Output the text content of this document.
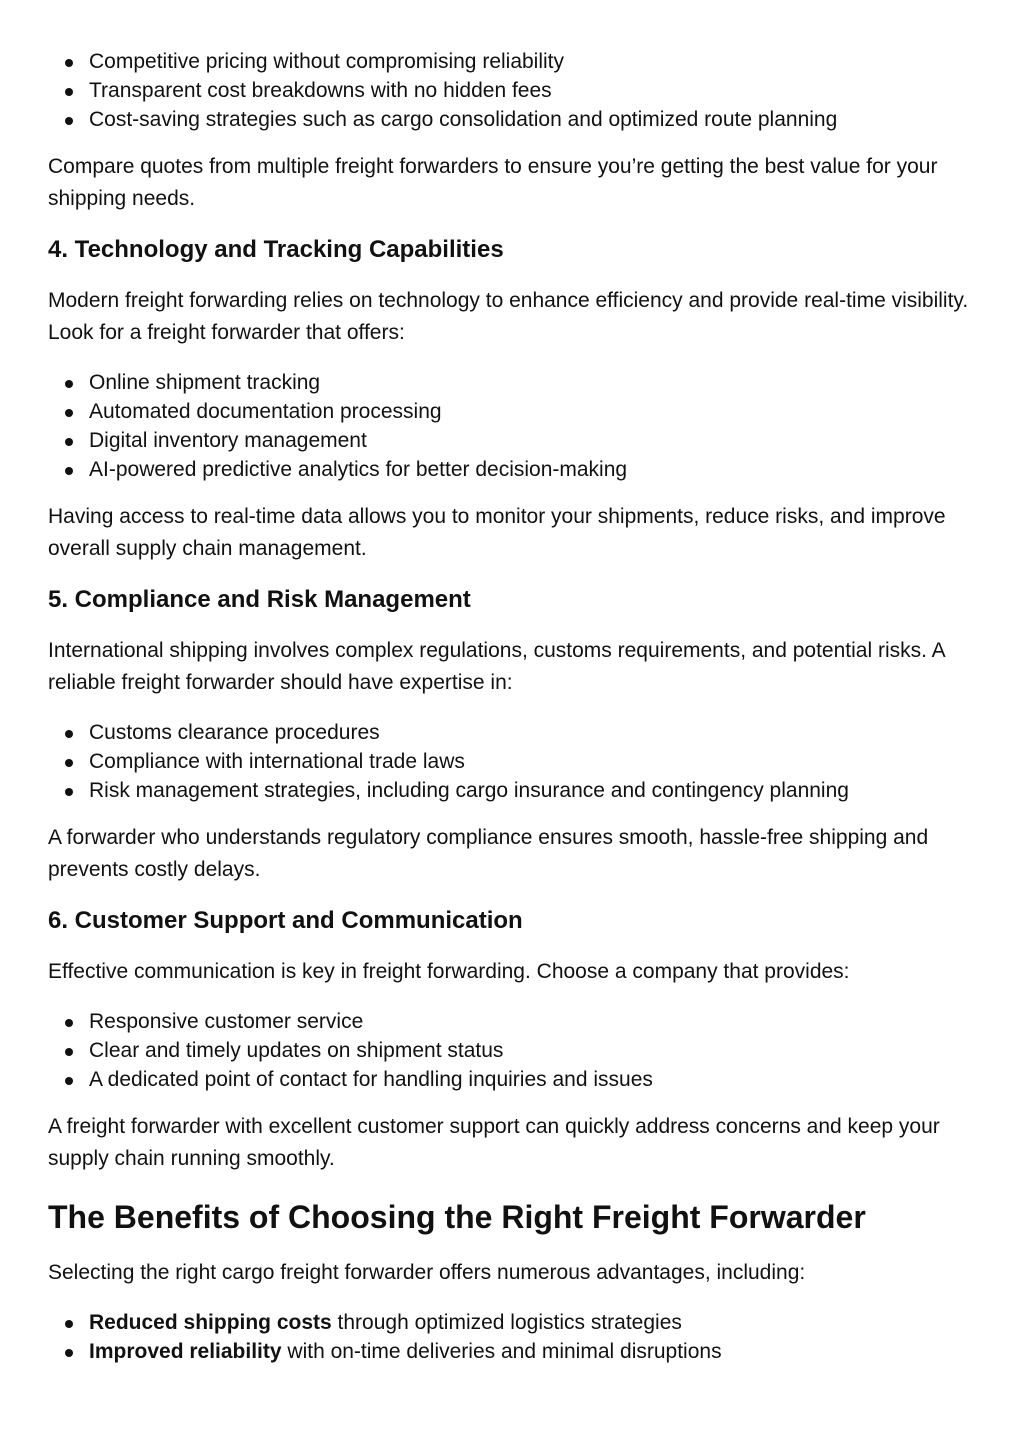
Competitive pricing without compromising reliability
Transparent cost breakdowns with no hidden fees
Cost-saving strategies such as cargo consolidation and optimized route planning

Compare quotes from multiple freight forwarders to ensure you’re getting the best value for your shipping needs.

4. Technology and Tracking Capabilities

Modern freight forwarding relies on technology to enhance efficiency and provide real-time visibility. Look for a freight forwarder that offers:

Online shipment tracking
Automated documentation processing
Digital inventory management
AI-powered predictive analytics for better decision-making

Having access to real-time data allows you to monitor your shipments, reduce risks, and improve overall supply chain management.

5. Compliance and Risk Management

International shipping involves complex regulations, customs requirements, and potential risks. A reliable freight forwarder should have expertise in:

Customs clearance procedures
Compliance with international trade laws
Risk management strategies, including cargo insurance and contingency planning

A forwarder who understands regulatory compliance ensures smooth, hassle-free shipping and prevents costly delays.

6. Customer Support and Communication

Effective communication is key in freight forwarding. Choose a company that provides:

Responsive customer service
Clear and timely updates on shipment status
A dedicated point of contact for handling inquiries and issues

A freight forwarder with excellent customer support can quickly address concerns and keep your supply chain running smoothly.

The Benefits of Choosing the Right Freight Forwarder

Selecting the right cargo freight forwarder offers numerous advantages, including:

Reduced shipping costs through optimized logistics strategies
Improved reliability with on-time deliveries and minimal disruptions
